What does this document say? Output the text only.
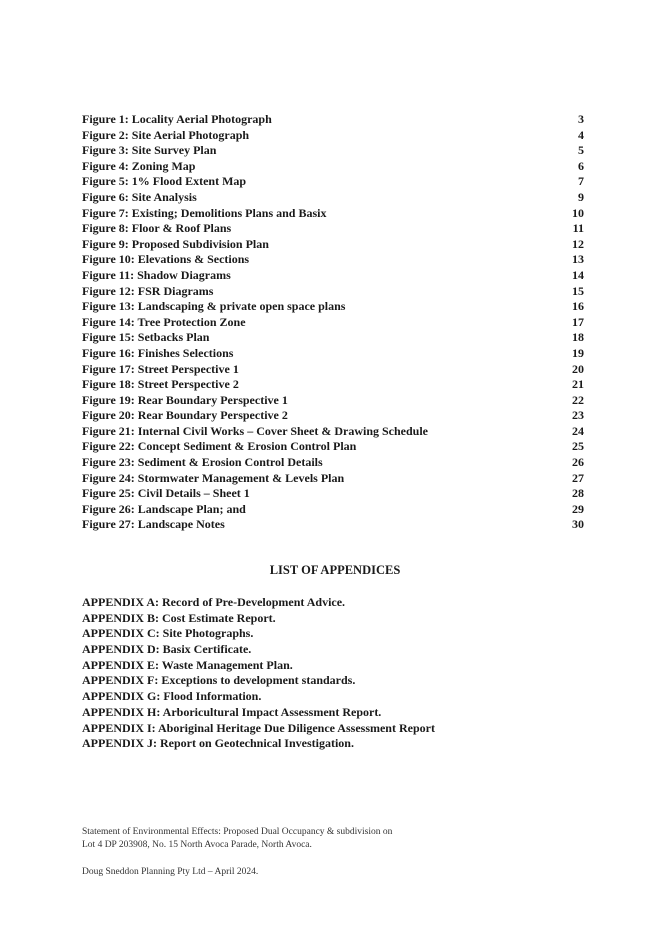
Figure 1: Locality Aerial Photograph	3
Figure 2: Site Aerial Photograph	4
Figure 3: Site Survey Plan	5
Figure 4: Zoning Map	6
Figure 5: 1% Flood Extent Map	7
Figure 6: Site Analysis	9
Figure 7: Existing; Demolitions Plans and Basix	10
Figure 8: Floor & Roof Plans	11
Figure 9: Proposed Subdivision Plan	12
Figure 10: Elevations & Sections	13
Figure 11: Shadow Diagrams	14
Figure 12: FSR Diagrams	15
Figure 13: Landscaping & private open space plans	16
Figure 14: Tree Protection Zone	17
Figure 15: Setbacks Plan	18
Figure 16: Finishes Selections	19
Figure 17: Street Perspective 1	20
Figure 18: Street Perspective 2	21
Figure 19: Rear Boundary Perspective 1	22
Figure 20: Rear Boundary Perspective 2	23
Figure 21: Internal Civil Works – Cover Sheet & Drawing Schedule	24
Figure 22: Concept Sediment & Erosion Control Plan	25
Figure 23: Sediment & Erosion Control Details	26
Figure 24: Stormwater Management & Levels Plan	27
Figure 25: Civil Details – Sheet 1	28
Figure 26: Landscape Plan; and	29
Figure 27: Landscape Notes	30
LIST OF APPENDICES
APPENDIX A: Record of Pre-Development Advice.
APPENDIX B: Cost Estimate Report.
APPENDIX C: Site Photographs.
APPENDIX D: Basix Certificate.
APPENDIX E: Waste Management Plan.
APPENDIX F: Exceptions to development standards.
APPENDIX G: Flood Information.
APPENDIX H: Arboricultural Impact Assessment Report.
APPENDIX I: Aboriginal Heritage Due Diligence Assessment Report
APPENDIX J: Report on Geotechnical Investigation.
Statement of Environmental Effects: Proposed Dual Occupancy & subdivision on
Lot 4 DP 203908, No. 15 North Avoca Parade, North Avoca.
Doug Sneddon Planning Pty Ltd – April 2024.
